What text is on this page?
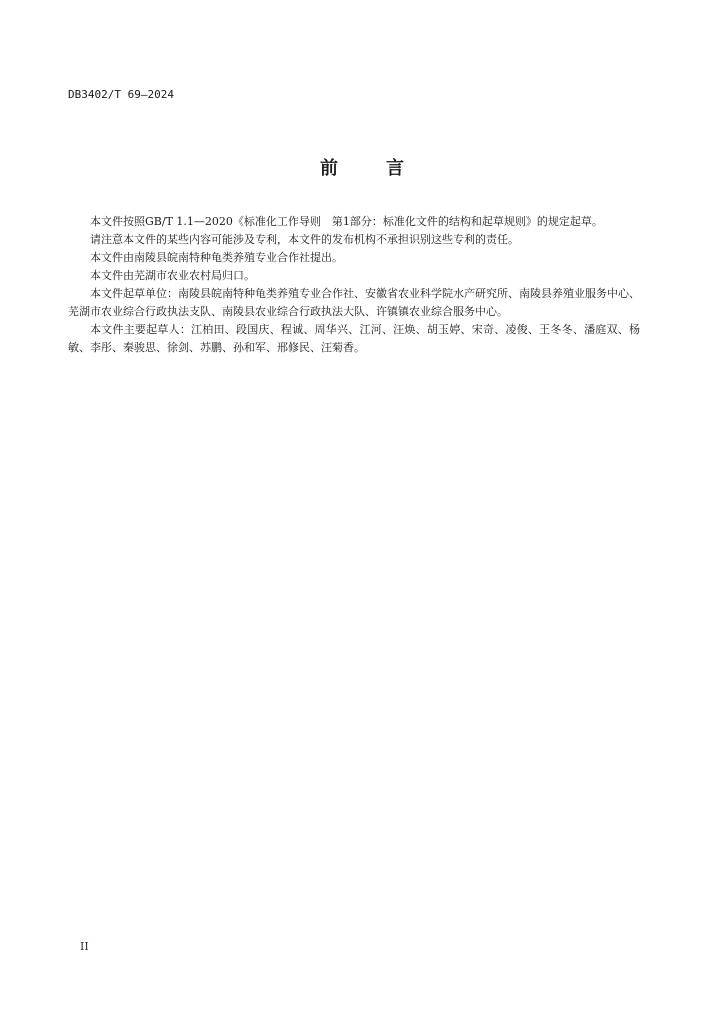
DB3402/T 69—2024
前	言

本文件按照GB/T 1.1—2020《标准化工作导则　第1部分：标准化文件的结构和起草规则》的规定起草。

请注意本文件的某些内容可能涉及专利，本文件的发布机构不承担识别这些专利的责任。

本文件由南陵县皖南特种龟类养殖专业合作社提出。

本文件由芜湖市农业农村局归口。

本文件起草单位：南陵县皖南特种龟类养殖专业合作社、安徽省农业科学院水产研究所、南陵县养殖业服务中心、芜湖市农业综合行政执法支队、南陵县农业综合行政执法大队、许镇镇农业综合服务中心。

本文件主要起草人：江柏田、段国庆、程诚、周华兴、江河、汪焕、胡玉婷、宋奇、凌俊、王冬冬、潘庭双、杨敏、李彤、秦骏思、徐剑、苏鹏、孙和军、邢修民、汪菊香。

II
